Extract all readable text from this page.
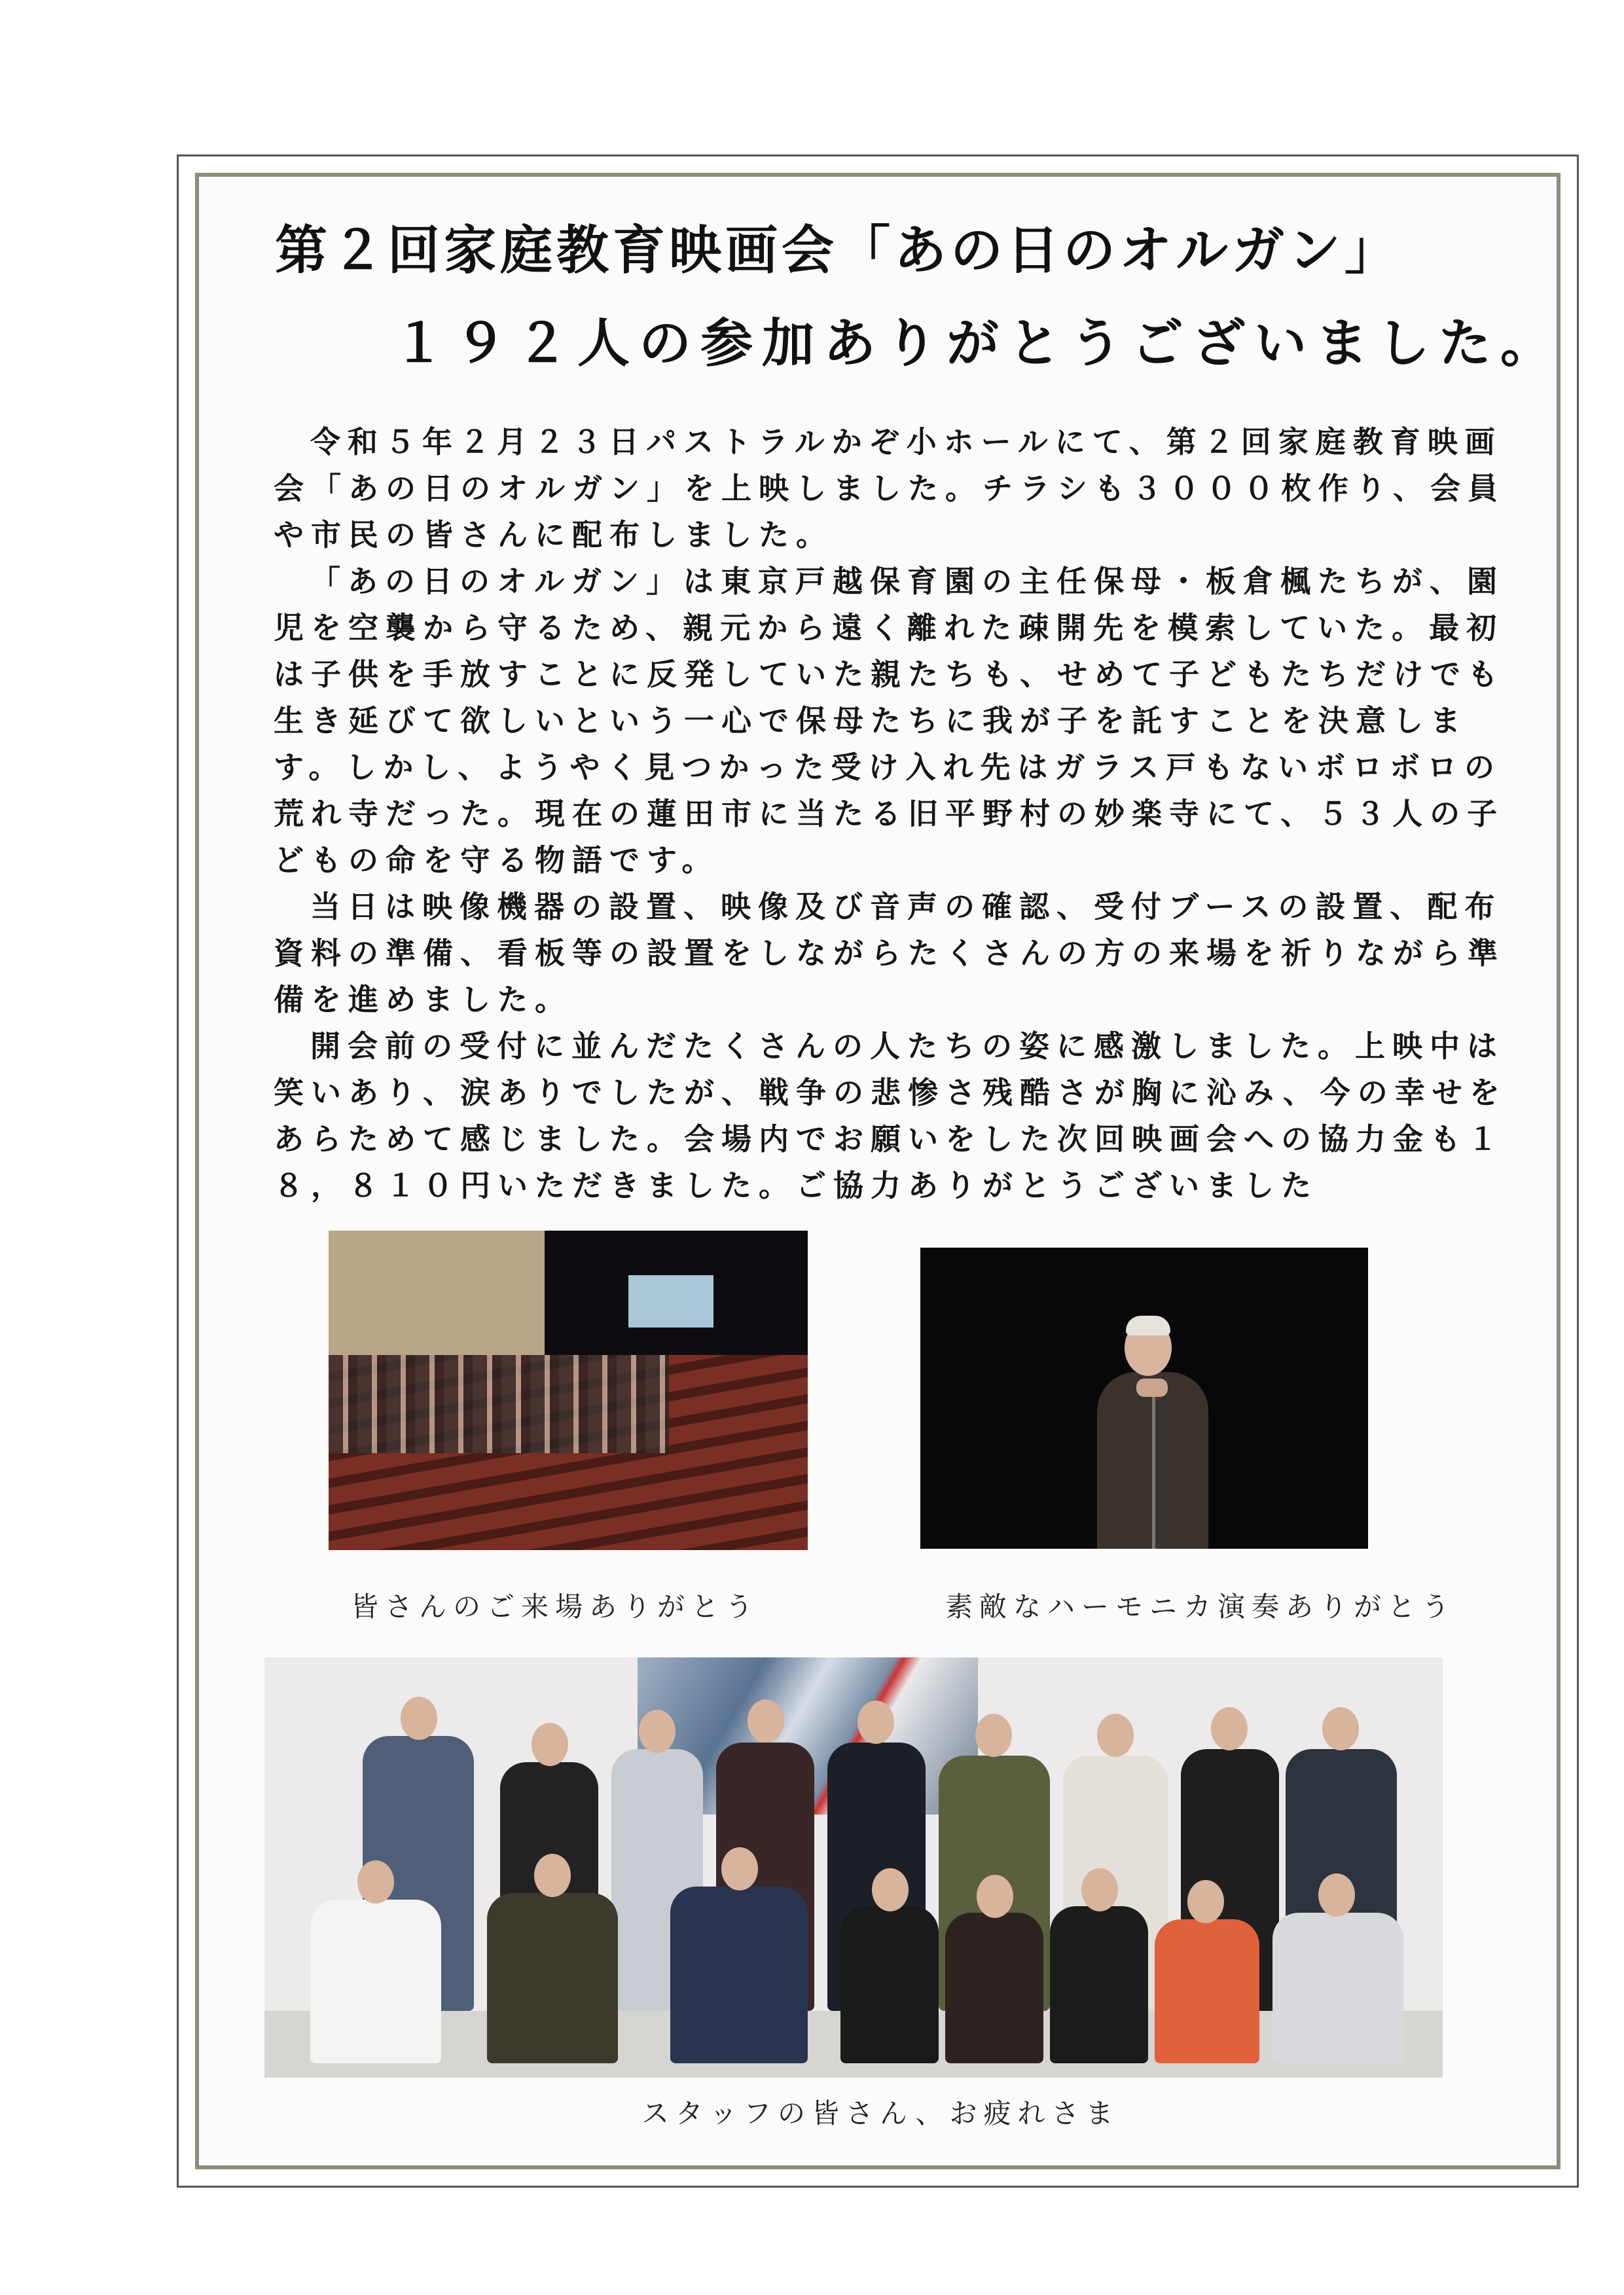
第２回家庭教育映画会「あの日のオルガン」
１９２人の参加ありがとうございました。

令和５年２月２３日パストラルかぞ小ホールにて、第２回家庭教育映画会「あの日のオルガン」を上映しました。チラシも３０００枚作り、会員や市民の皆さんに配布しました。

「あの日のオルガン」は東京戸越保育園の主任保母・板倉楓たちが、園児を空襲から守るため、親元から遠く離れた疎開先を模索していた。最初は子供を手放すことに反発していた親たちも、せめて子どもたちだけでも生き延びて欲しいという一心で保母たちに我が子を託すことを決意します。しかし、ようやく見つかった受け入れ先はガラス戸もないボロボロの荒れ寺だった。現在の蓮田市に当たる旧平野村の妙楽寺にて、５３人の子どもの命を守る物語です。

当日は映像機器の設置、映像及び音声の確認、受付ブースの設置、配布資料の準備、看板等の設置をしながらたくさんの方の来場を祈りながら準備を進めました。

開会前の受付に並んだたくさんの人たちの姿に感激しました。上映中は笑いあり、涙ありでしたが、戦争の悲惨さ残酷さが胸に沁み、今の幸せをあらためて感じました。会場内でお願いをした次回映画会への協力金も１８，８１０円いただきました。ご協力ありがとうございました

皆さんのご来場ありがとう	素敵なハーモニカ演奏ありがとう
スタッフの皆さん、お疲れさま
